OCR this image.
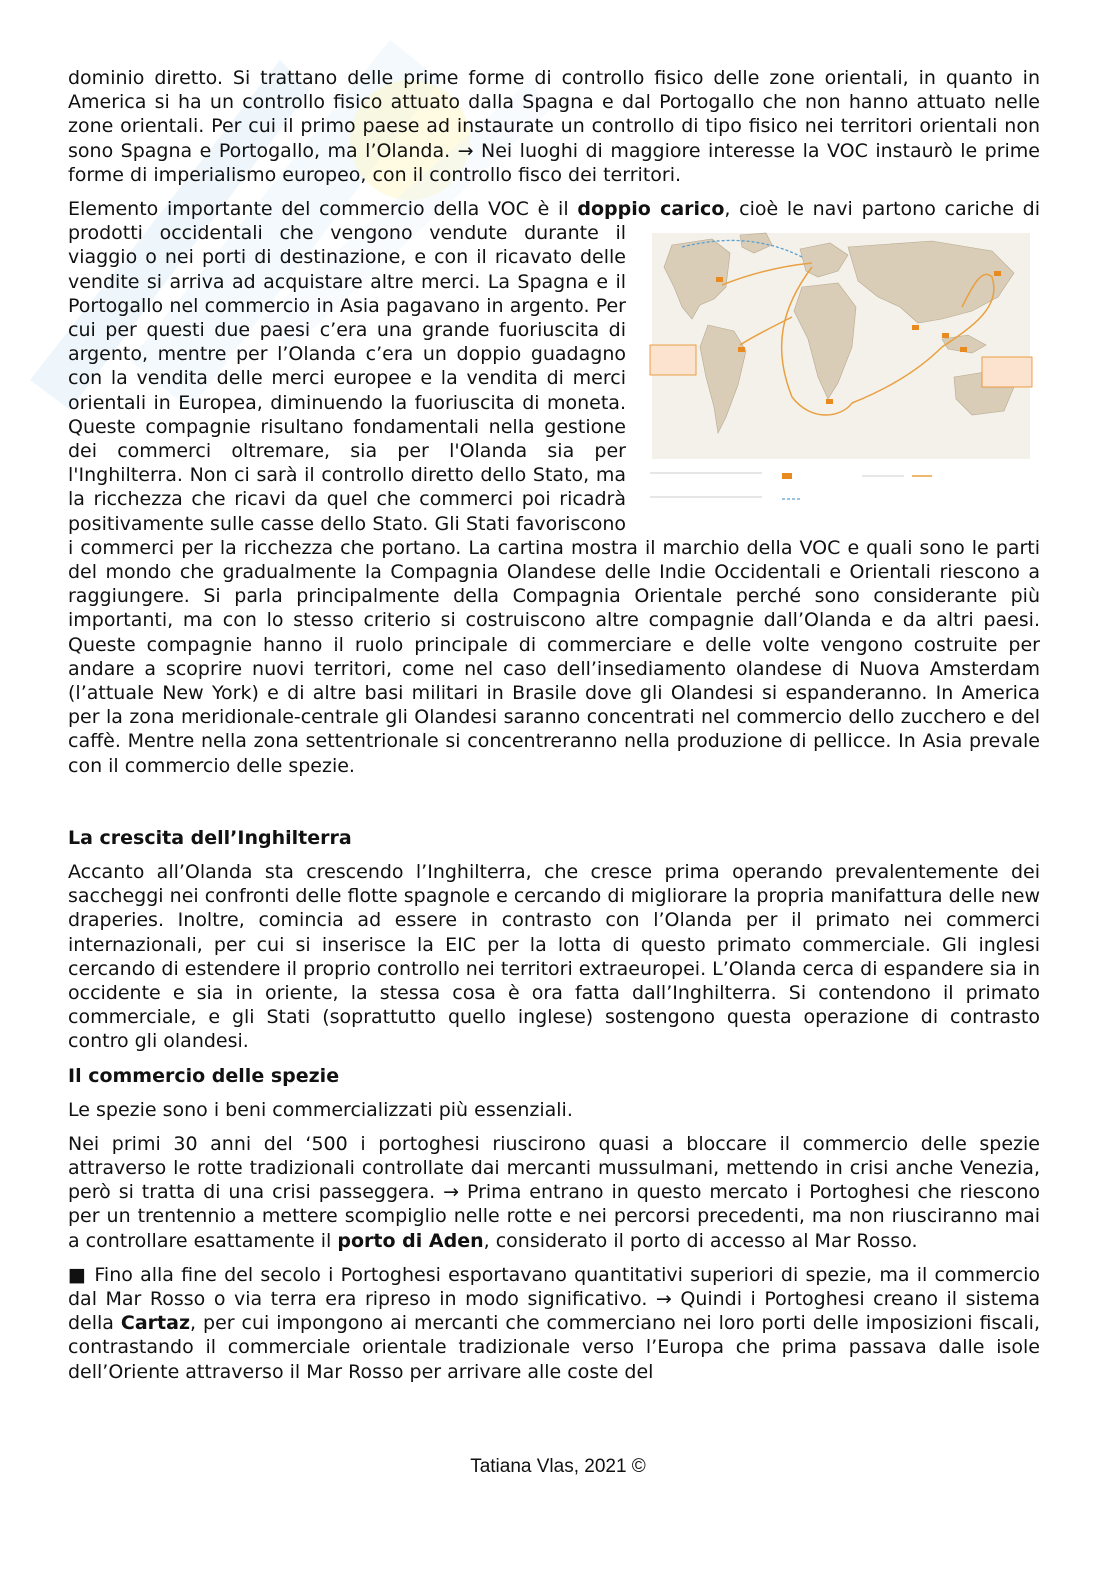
dominio diretto. Si trattano delle prime forme di controllo fisico delle zone orientali, in quanto in America si ha un controllo fisico attuato dalla Spagna e dal Portogallo che non hanno attuato nelle zone orientali. Per cui il primo paese ad instaurate un controllo di tipo fisico nei territori orientali non sono Spagna e Portogallo, ma l’Olanda. → Nei luoghi di maggiore interesse la VOC instaurò le prime forme di imperialismo europeo, con il controllo fisco dei territori.

Elemento importante del commercio della VOC è il doppio carico
, cioè le navi partono cariche di prodotti occidentali che vengono vendute durante il viaggio o nei porti di destinazione, e con il ricavato delle vendite si arriva ad acquistare altre merci. La Spagna e il Portogallo nel commercio in Asia pagavano in argento. Per cui per questi due paesi c’era una grande fuoriuscita di argento, mentre per l’Olanda c’era un doppio guadagno con la vendita delle merci europee e la vendita di merci orientali in Europea, diminuendo la fuoriuscita di moneta. Queste compagnie risultano fondamentali nella gestione dei commerci oltremare, sia per l'Olanda sia per l'Inghilterra. Non ci sarà il controllo diretto dello Stato, ma la ricchezza che ricavi da quel che commerci poi ricadrà positivamente sulle casse dello Stato. Gli Stati favoriscono i commerci per la ricchezza che portano. La cartina mostra il marchio della VOC e quali sono le parti del mondo che gradualmente la Compagnia Olandese delle Indie Occidentali e Orientali riescono a raggiungere. Si parla principalmente della Compagnia Orientale perché sono considerante più importanti, ma con lo stesso criterio si costruiscono altre compagnie dall’Olanda e da altri paesi. Queste compagnie hanno il ruolo principale di commerciare e delle volte vengono costruite per andare a scoprire nuovi territori, come nel caso dell’insediamento olandese di Nuova Amsterdam (l’attuale New York) e di altre basi militari in Brasile dove gli Olandesi si espanderanno. In America per la zona meridionale-centrale gli Olandesi saranno concentrati nel commercio dello zucchero e del caffè. Mentre nella zona settentrionale si concentreranno nella produzione di pellicce. In Asia prevale con il commercio delle spezie.

La crescita dell’Inghilterra

Accanto all’Olanda sta crescendo l’Inghilterra, che cresce prima operando prevalentemente dei saccheggi nei confronti delle flotte spagnole e cercando di migliorare la propria manifattura delle new draperies. Inoltre, comincia ad essere in contrasto con l’Olanda per il primato nei commerci internazionali, per cui si inserisce la EIC per la lotta di questo primato commerciale. Gli inglesi cercando di estendere il proprio controllo nei territori extraeuropei. L’Olanda cerca di espandere sia in occidente e sia in oriente, la stessa cosa è ora fatta dall’Inghilterra. Si contendono il primato commerciale, e gli Stati (soprattutto quello inglese) sostengono questa operazione di contrasto contro gli olandesi.

Il commercio delle spezie

Le spezie sono i beni commercializzati più essenziali.

Nei primi 30 anni del ‘500 i portoghesi riuscirono quasi a bloccare il commercio delle spezie attraverso le rotte tradizionali controllate dai mercanti mussulmani, mettendo in crisi anche Venezia, però si tratta di una crisi passeggera. → Prima entrano in questo mercato i Portoghesi che riescono per un trentennio a mettere scompiglio nelle rotte e nei percorsi precedenti, ma non riusciranno mai a controllare esattamente il porto di Aden, considerato il porto di accesso al Mar Rosso.

■ Fino alla fine del secolo i Portoghesi esportavano quantitativi superiori di spezie, ma il commercio dal Mar Rosso o via terra era ripreso in modo significativo. → Quindi i Portoghesi creano il sistema della Cartaz, per cui impongono ai mercanti che commerciano nei loro porti delle imposizioni fiscali, contrastando il commerciale orientale tradizionale verso l’Europa che prima passava dalle isole dell’Oriente attraverso il Mar Rosso per arrivare alle coste del

Tatiana Vlas, 2021 ©
